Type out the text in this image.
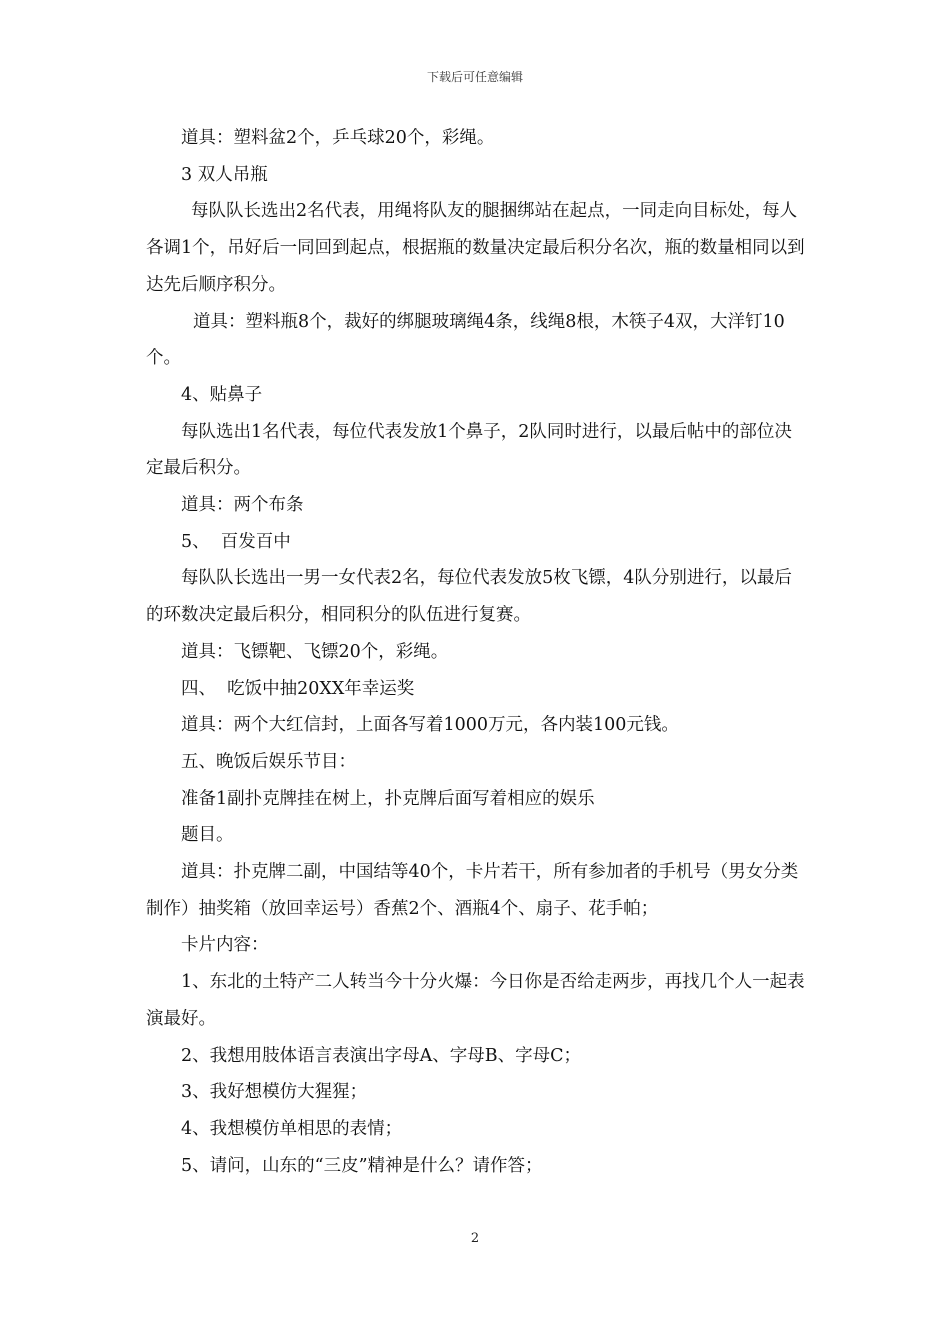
下载后可任意编辑

道具：塑料盆2个，乒乓球20个，彩绳。

3 双人吊瓶

每队队长选出2名代表，用绳将队友的腿捆绑站在起点，一同走向目标处，每人各调1个，吊好后一同回到起点，根据瓶的数量决定最后积分名次，瓶的数量相同以到达先后顺序积分。

道具：塑料瓶8个，裁好的绑腿玻璃绳4条，线绳8根，木筷子4双，大洋钉10个。

4、贴鼻子

每队选出1名代表，每位代表发放1个鼻子，2队同时进行，以最后帖中的部位决定最后积分。

道具：两个布条

5、  百发百中

每队队长选出一男一女代表2名，每位代表发放5枚飞镖，4队分别进行，以最后的环数决定最后积分，相同积分的队伍进行复赛。

道具：飞镖靶、飞镖20个，彩绳。

四、  吃饭中抽20XX年幸运奖

道具：两个大红信封，上面各写着1000万元，各内装100元钱。

五、晚饭后娱乐节目：

准备1副扑克牌挂在树上，扑克牌后面写着相应的娱乐

题目。

道具：扑克牌二副，中国结等40个，卡片若干，所有参加者的手机号（男女分类制作）抽奖箱（放回幸运号）香蕉2个、酒瓶4个、扇子、花手帕；

卡片内容：

1、东北的土特产二人转当今十分火爆：今日你是否给走两步，再找几个人一起表演最好。

2、我想用肢体语言表演出字母A、字母B、字母C；

3、我好想模仿大猩猩；

4、我想模仿单相思的表情；

5、请问，山东的“三皮”精神是什么？请作答；

2
